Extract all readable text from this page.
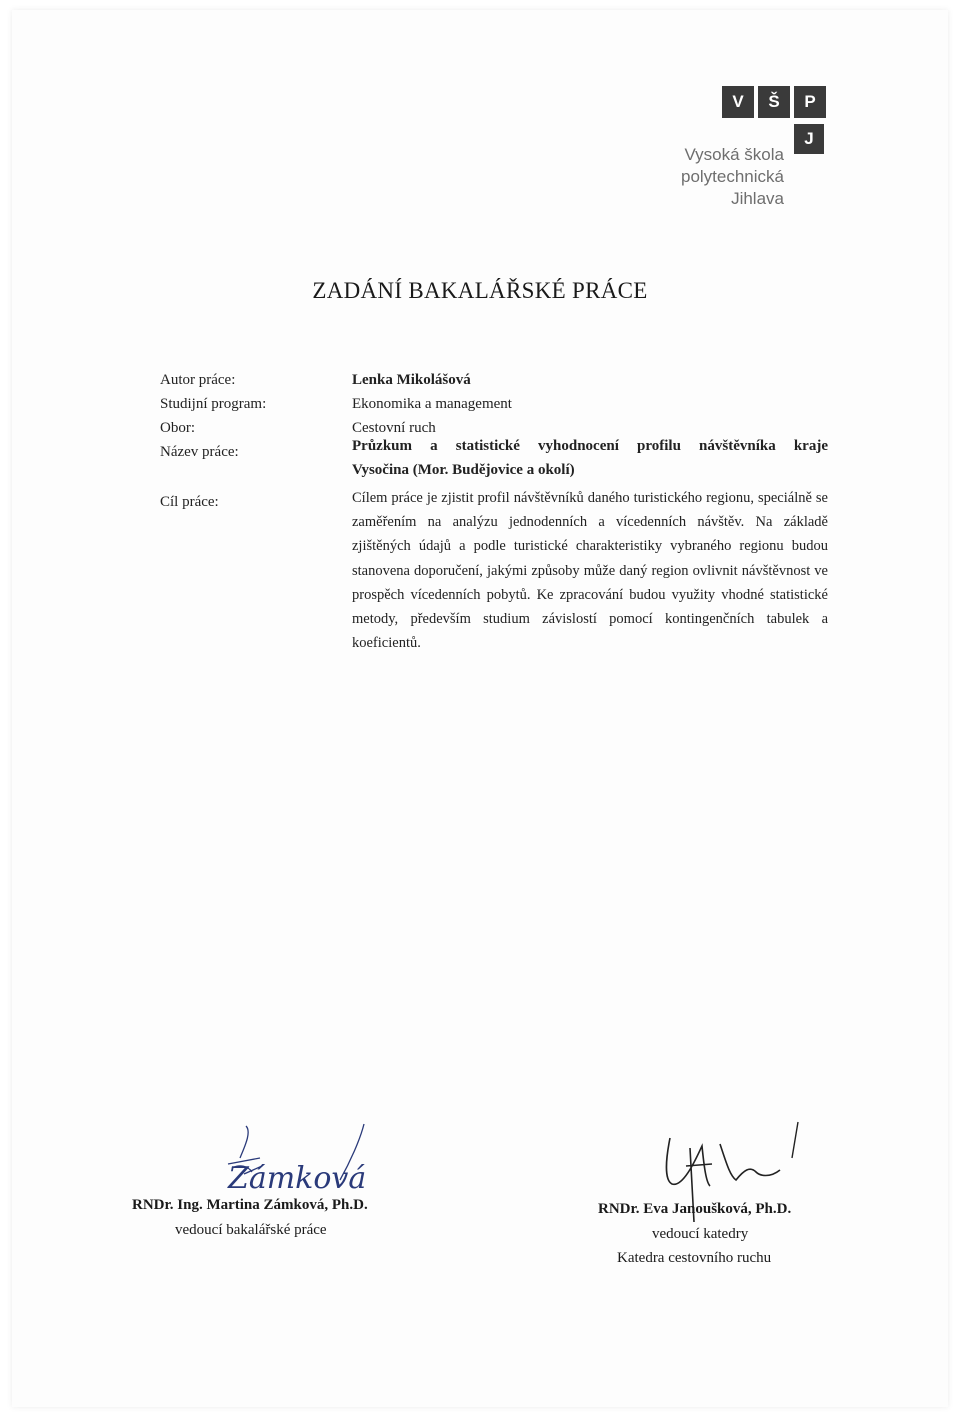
V	Š	P
J
Vysoká škola
polytechnická
Jihlava
ZADÁNÍ BAKALÁŘSKÉ PRÁCE
Autor práce:	Lenka Mikolášová
Studijní program:	Ekonomika a management
Obor:	Cestovní ruch
Název práce:	Průzkum a statistické vyhodnocení profilu návštěvníka kraje
Vysočina (Mor. Budějovice a okolí)
Cíl práce:	Cílem práce je zjistit profil návštěvníků daného turistického regionu, speciálně se zaměřením na analýzu jednodenních a vícedenních návštěv. Na základě zjištěných údajů a podle turistické charakteristiky vybraného regionu budou stanovena doporučení, jakými způsoby může daný region ovlivnit návštěvnost ve prospěch vícedenních pobytů. Ke zpracování budou využity vhodné statistické metody, především studium závislostí pomocí kontingenčních tabulek a koeficientů.
Zámková
RNDr. Ing. Martina Zámková, Ph.D.
vedoucí bakalářské práce
RNDr. Eva Janoušková, Ph.D.
vedoucí katedry
Katedra cestovního ruchu
